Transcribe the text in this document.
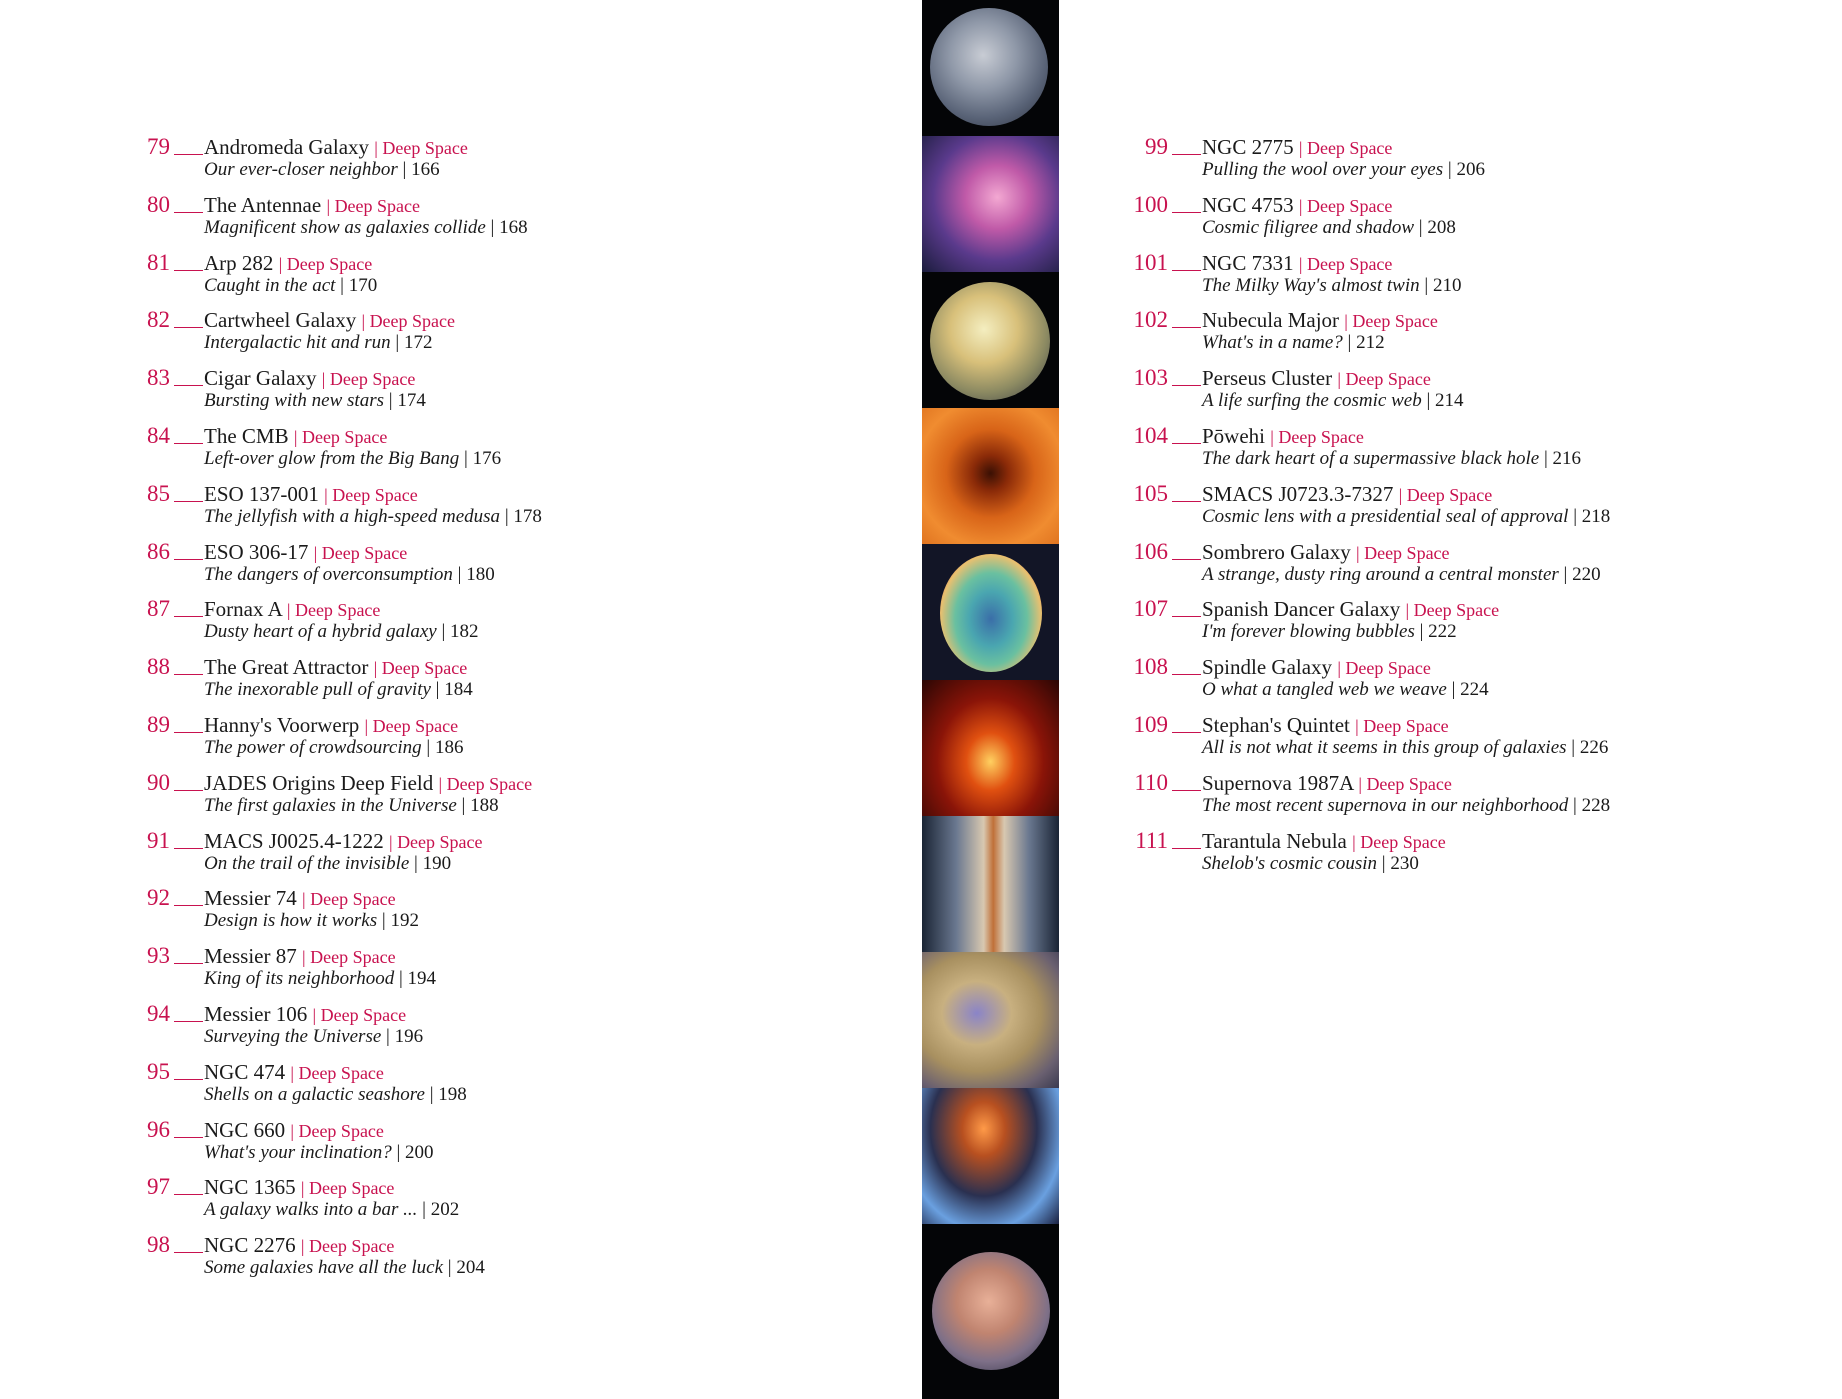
79 Andromeda Galaxy | Deep Space
Our ever-closer neighbor | 166
80 The Antennae | Deep Space
Magnificent show as galaxies collide | 168
81 Arp 282 | Deep Space
Caught in the act | 170
82 Cartwheel Galaxy | Deep Space
Intergalactic hit and run | 172
83 Cigar Galaxy | Deep Space
Bursting with new stars | 174
84 The CMB | Deep Space
Left-over glow from the Big Bang | 176
85 ESO 137-001 | Deep Space
The jellyfish with a high-speed medusa | 178
86 ESO 306-17 | Deep Space
The dangers of overconsumption | 180
87 Fornax A | Deep Space
Dusty heart of a hybrid galaxy | 182
88 The Great Attractor | Deep Space
The inexorable pull of gravity | 184
89 Hanny's Voorwerp | Deep Space
The power of crowdsourcing | 186
90 JADES Origins Deep Field | Deep Space
The first galaxies in the Universe | 188
91 MACS J0025.4-1222 | Deep Space
On the trail of the invisible | 190
92 Messier 74 | Deep Space
Design is how it works | 192
93 Messier 87 | Deep Space
King of its neighborhood | 194
94 Messier 106 | Deep Space
Surveying the Universe | 196
95 NGC 474 | Deep Space
Shells on a galactic seashore | 198
96 NGC 660 | Deep Space
What's your inclination? | 200
97 NGC 1365 | Deep Space
A galaxy walks into a bar ... | 202
98 NGC 2276 | Deep Space
Some galaxies have all the luck | 204
99 NGC 2775 | Deep Space
Pulling the wool over your eyes | 206
100 NGC 4753 | Deep Space
Cosmic filigree and shadow | 208
101 NGC 7331 | Deep Space
The Milky Way's almost twin | 210
102 Nubecula Major | Deep Space
What's in a name? | 212
103 Perseus Cluster | Deep Space
A life surfing the cosmic web | 214
104 Pōwehi | Deep Space
The dark heart of a supermassive black hole | 216
105 SMACS J0723.3-7327 | Deep Space
Cosmic lens with a presidential seal of approval | 218
106 Sombrero Galaxy | Deep Space
A strange, dusty ring around a central monster | 220
107 Spanish Dancer Galaxy | Deep Space
I'm forever blowing bubbles | 222
108 Spindle Galaxy | Deep Space
O what a tangled web we weave | 224
109 Stephan's Quintet | Deep Space
All is not what it seems in this group of galaxies | 226
110 Supernova 1987A | Deep Space
The most recent supernova in our neighborhood | 228
111 Tarantula Nebula | Deep Space
Shelob's cosmic cousin | 230
